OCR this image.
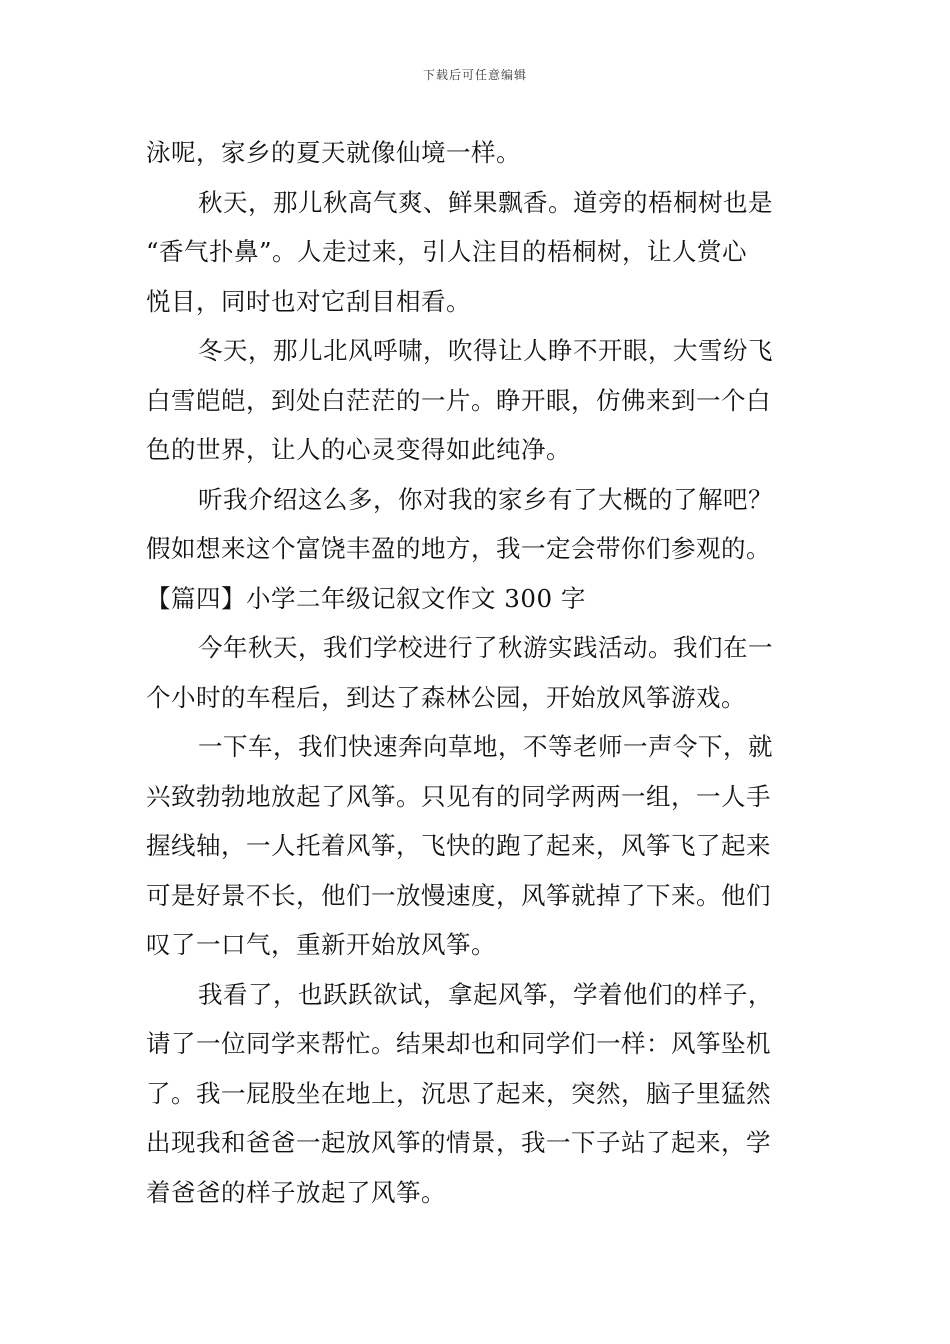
下载后可任意编辑
泳呢，家乡的夏天就像仙境一样。
秋天，那儿秋高气爽、鲜果飘香。道旁的梧桐树也是
“香气扑鼻”。人走过来，引人注目的梧桐树，让人赏心
悦目，同时也对它刮目相看。
冬天，那儿北风呼啸，吹得让人睁不开眼，大雪纷飞
白雪皑皑，到处白茫茫的一片。睁开眼，仿佛来到一个白
色的世界，让人的心灵变得如此纯净。
听我介绍这么多，你对我的家乡有了大概的了解吧？
假如想来这个富饶丰盈的地方，我一定会带你们参观的。
【篇四】小学二年级记叙文作文 300 字
今年秋天，我们学校进行了秋游实践活动。我们在一
个小时的车程后，到达了森林公园，开始放风筝游戏。
一下车，我们快速奔向草地，不等老师一声令下，就
兴致勃勃地放起了风筝。只见有的同学两两一组，一人手
握线轴，一人托着风筝，飞快的跑了起来，风筝飞了起来
可是好景不长，他们一放慢速度，风筝就掉了下来。他们
叹了一口气，重新开始放风筝。
我看了，也跃跃欲试，拿起风筝，学着他们的样子，
请了一位同学来帮忙。结果却也和同学们一样：风筝坠机
了。我一屁股坐在地上，沉思了起来，突然，脑子里猛然
出现我和爸爸一起放风筝的情景，我一下子站了起来，学
着爸爸的样子放起了风筝。
